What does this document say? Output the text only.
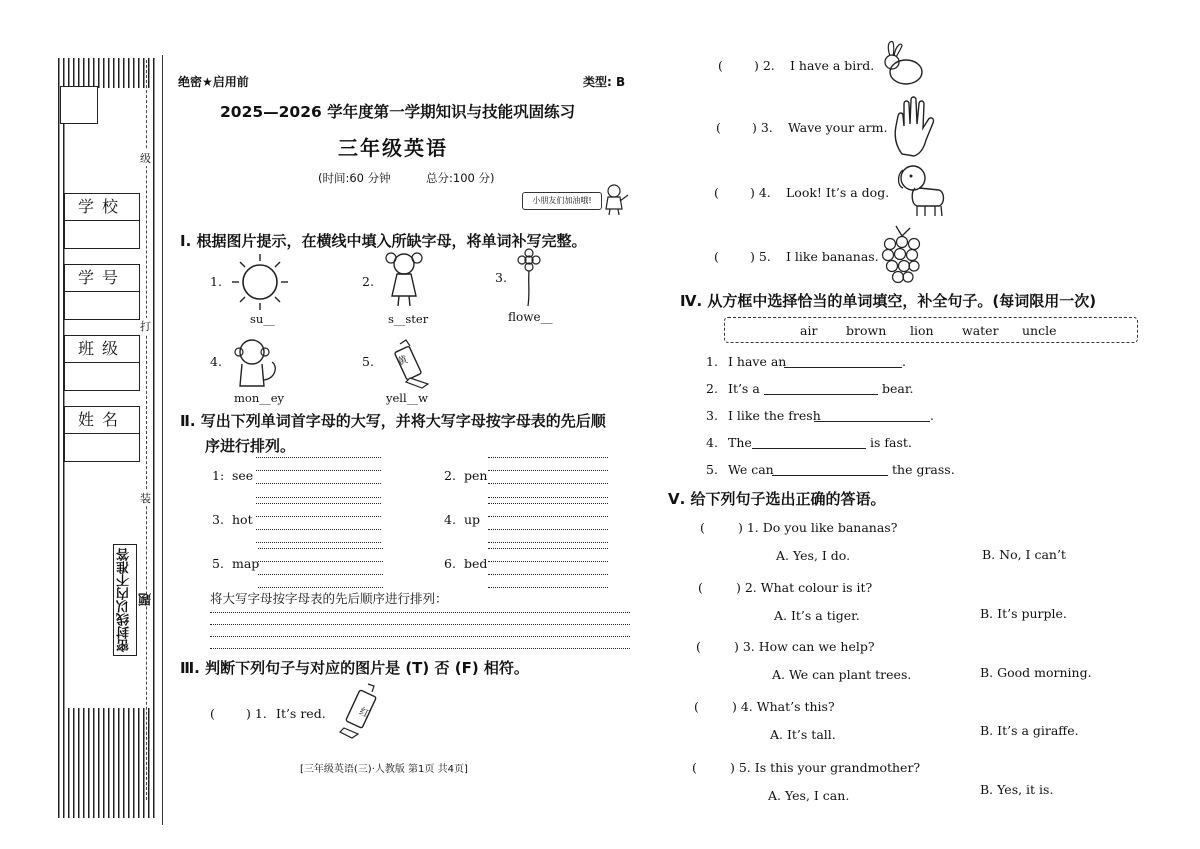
学校
学号
班级
姓名
密封线以内不准答题
级
打
装
绝密★启用前	类型: B
2025—2026 学年度第一学期知识与技能巩固练习
三年级英语
(时间:60 分钟	总分:100 分)
小朋友们加油哦!
Ⅰ. 根据图片提示，在横线中填入所缺字母，将单词补写完整。
1.
su__
2.
s__ster
3.
flowe__
4.
mon__ey
5. 黄
yell__w
Ⅱ. 写出下列单词首字母的大写，并将大写字母按字母表的先后顺
序进行排列。
1: see	2. pen
3. hot	4. up
5. map	6. bed
将大写字母按字母表的先后顺序进行排列：
Ⅲ. 判断下列句子与对应的图片是 (T) 否 (F) 相符。
( ) 1. It’s red.	红
[三年级英语(三)·人教版 第1页 共4页]
( ) 2. I have a bird.
( ) 3. Wave your arm.
( ) 4. Look! It’s a dog.
( ) 5. I like bananas.
Ⅳ. 从方框中选择恰当的单词填空，补全句子。(每词限用一次)
air brown lion water uncle
1. I have an	.
2. It’s a	bear.
3. I like the fresh	.
4. The	is fast.
5. We can	the grass.
Ⅴ. 给下列句子选出正确的答语。
(	) 1. Do you like bananas?
A. Yes, I do.	B. No, I can’t
(	) 2. What colour is it?
A. It’s a tiger.	B. It’s purple.
(	) 3. How can we help?
A. We can plant trees.	B. Good morning.
(	) 4. What’s this?
A. It’s tall.	B. It’s a giraffe.
(	) 5. Is this your grandmother?
A. Yes, I can.	B. Yes, it is.
